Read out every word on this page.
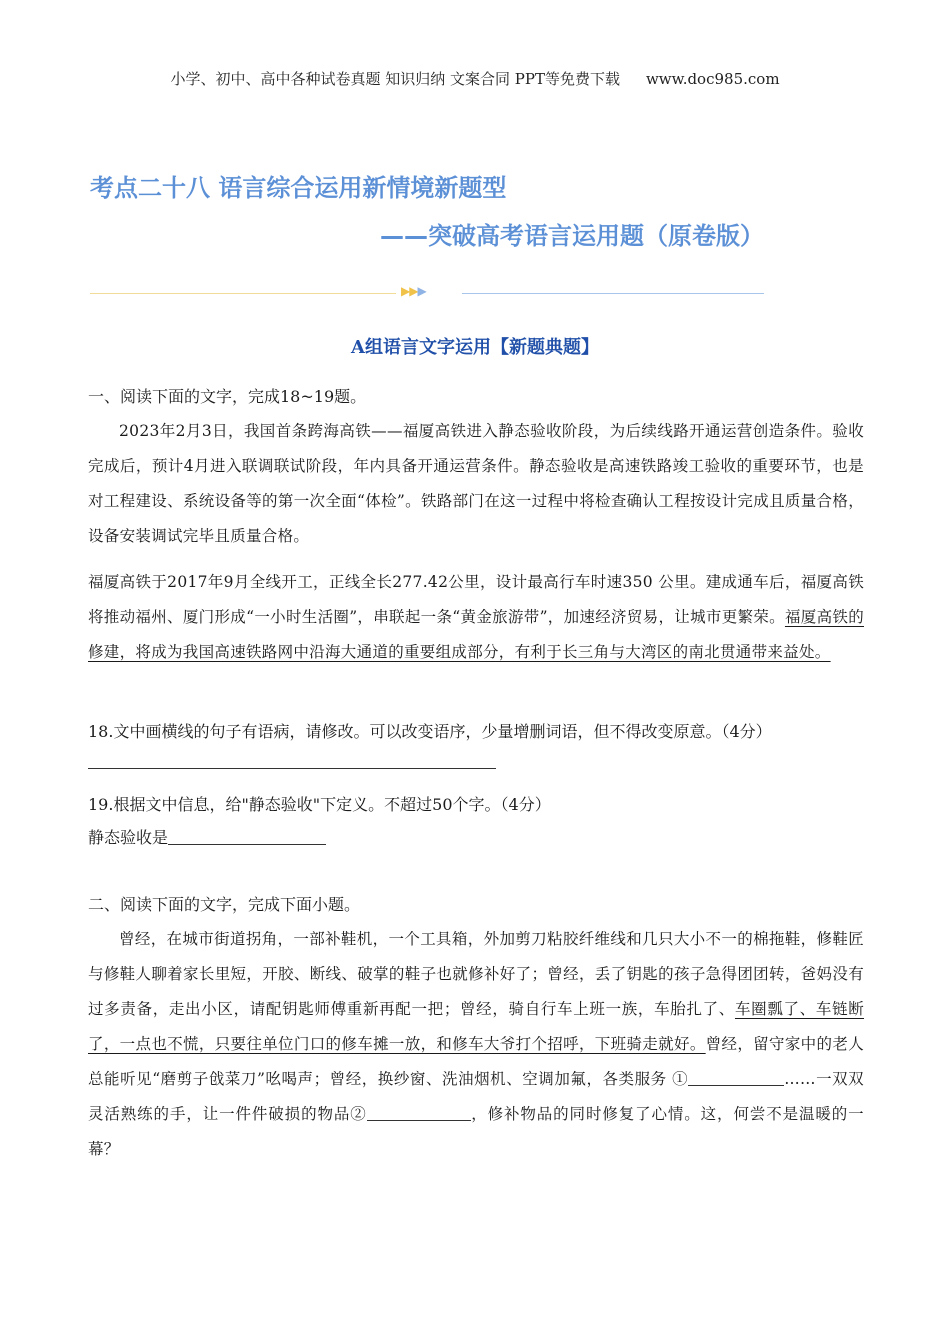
小学、初中、高中各种试卷真题 知识归纳 文案合同 PPT等免费下载 www.doc985.com
考点二十八 语言综合运用新情境新题型
——突破高考语言运用题（原卷版）
▶▶▶
A组语言文字运用【新题典题】
一、阅读下面的文字，完成18~19题。
2023年2月3日，我国首条跨海高铁——福厦高铁进入静态验收阶段，为后续线路开通运营创造条件。验收完成后，预计4月进入联调联试阶段，年内具备开通运营条件。静态验收是高速铁路竣工验收的重要环节，也是对工程建设、系统设备等的第一次全面“体检”。铁路部门在这一过程中将检查确认工程按设计完成且质量合格，设备安装调试完毕且质量合格。
福厦高铁于2017年9月全线开工，正线全长277.42公里，设计最高行车时速350 公里。建成通车后，福厦高铁将推动福州、厦门形成“一小时生活圈”，串联起一条“黄金旅游带”，加速经济贸易，让城市更繁荣。福厦高铁的修建，将成为我国高速铁路网中沿海大通道的重要组成部分，有利于长三角与大湾区的南北贯通带来益处。
18.文中画横线的句子有语病，请修改。可以改变语序，少量增删词语，但不得改变原意。（4分）
19.根据文中信息，给"静态验收"下定义。不超过50个字。（4分）
静态验收是
二、阅读下面的文字，完成下面小题。
曾经，在城市街道拐角，一部补鞋机，一个工具箱，外加剪刀粘胶纤维线和几只大小不一的棉拖鞋，修鞋匠与修鞋人聊着家长里短，开胶、断线、破掌的鞋子也就修补好了；曾经，丢了钥匙的孩子急得团团转，爸妈没有过多责备，走出小区，请配钥匙师傅重新再配一把；曾经，骑自行车上班一族，车胎扎了、车圈瓢了、车链断了，一点也不慌，只要往单位门口的修车摊一放，和修车大爷打个招呼，下班骑走就好。曾经，留守家中的老人总能听见“磨剪子戗菜刀”吆喝声；曾经，换纱窗、洗油烟机、空调加氟，各类服务 ①	……一双双灵活熟练的手，让一件件破损的物品②	，修补物品的同时修复了心情。这，何尝不是温暖的一幕？
